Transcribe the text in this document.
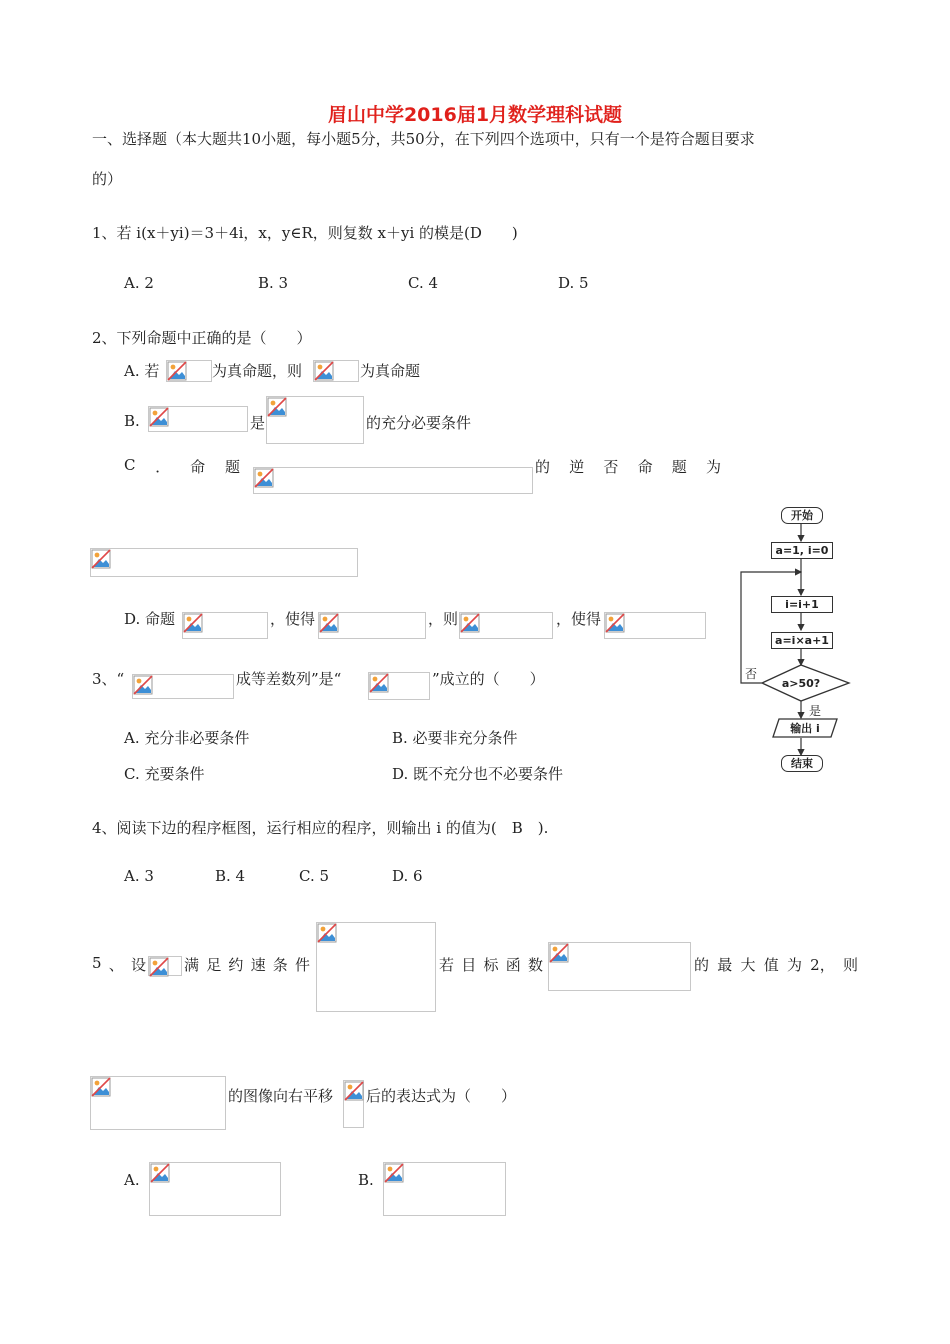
眉山中学2016届1月数学理科试题
一、选择题（本大题共10小题，每小题5分，共50分，在下列四个选项中，只有一个是符合题目要求
的）
1、若 i(x＋yi)＝3＋4i，x，y∈R，则复数 x＋yi 的模是(D　　)
A. 2	B. 3	C. 4	D. 5
2、下列命题中正确的是（　　）
A. 若	为真命题，则	为真命题
B.	是	的充分必要条件
C ． 命 题	的 逆 否 命 题 为
D. 命题	，使得	，则	，使得
3、“	成等差数列”是“	”成立的（　　）
A. 充分非必要条件	B. 必要非充分条件
C. 充要条件	D. 既不充分也不必要条件
4、阅读下边的程序框图，运行相应的程序，则输出 i 的值为(　B　).
A. 3	B. 4	C. 5	D. 6
5 、 设	满 足 约 速 条 件	若 目 标 函 数	的 最 大 值 为 2， 则
的图像向右平移 后的表达式为（　　）
A.	B.
开始
a=1, i=0
i=i+1
a=i×a+1
a>50?
否
是
输出 i
结束
